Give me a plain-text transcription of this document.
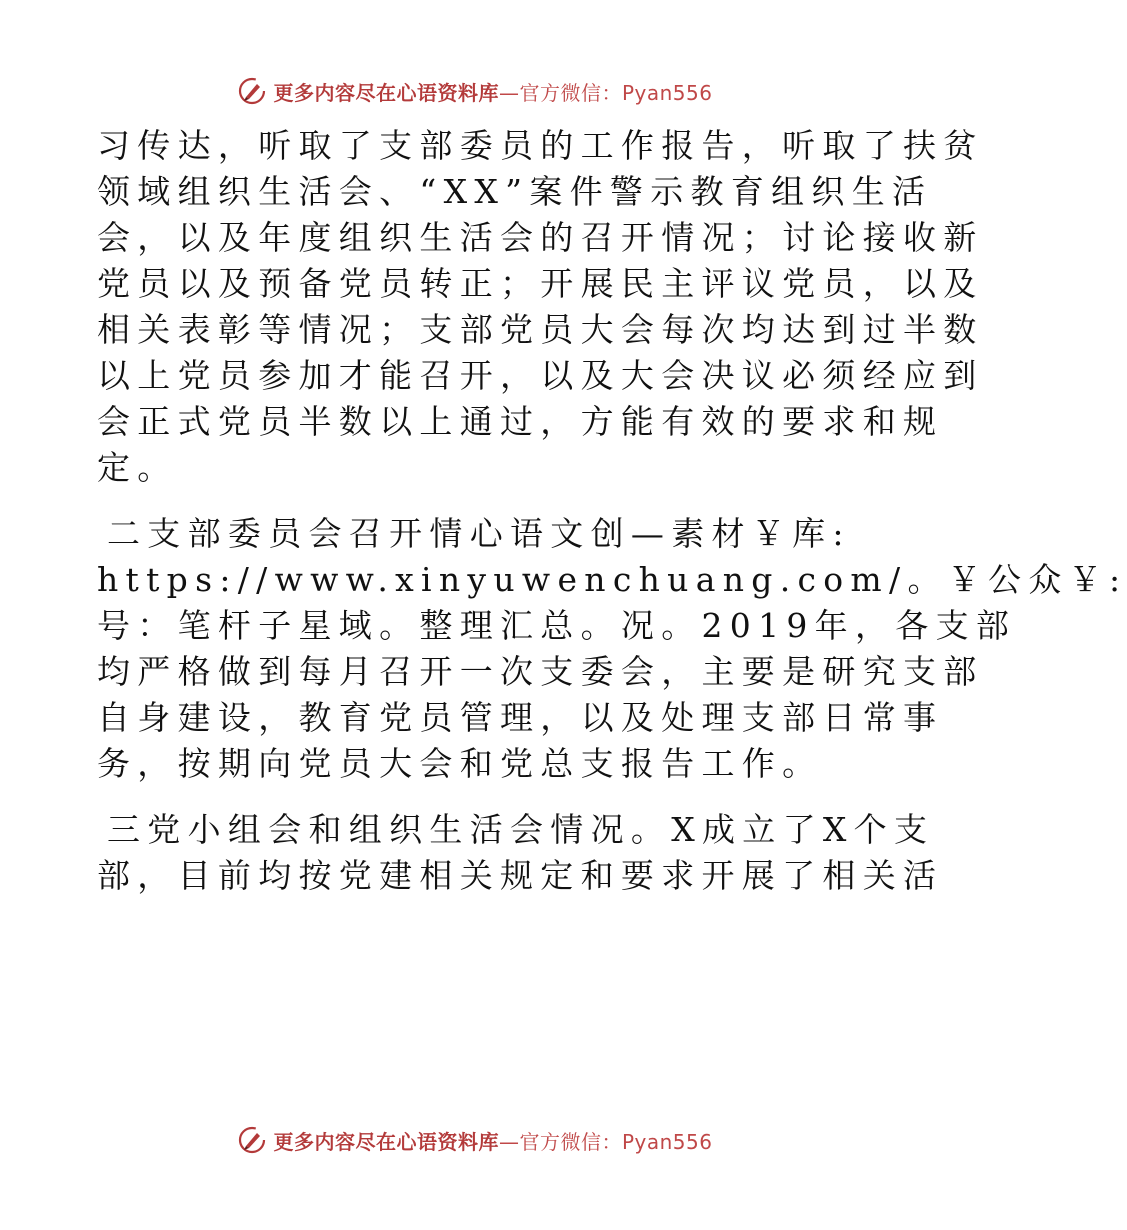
更多内容尽在心语资料库—官方微信：Pyan556
习传达，听取了支部委员的工作报告，听取了扶贫
领域组织生活会、“XX”案件警示教育组织生活
会，以及年度组织生活会的召开情况；讨论接收新
党员以及预备党员转正；开展民主评议党员，以及
相关表彰等情况；支部党员大会每次均达到过半数
以上党员参加才能召开，以及大会决议必须经应到
会正式党员半数以上通过，方能有效的要求和规
定。
二支部委员会召开情心语文创—素材￥库:
https://www.xinyuwenchuang.com/。￥公众￥:
号：笔杆子星域。整理汇总。况。2019年，各支部
均严格做到每月召开一次支委会，主要是研究支部
自身建设，教育党员管理，以及处理支部日常事
务，按期向党员大会和党总支报告工作。
三党小组会和组织生活会情况。X成立了X个支
部，目前均按党建相关规定和要求开展了相关活
更多内容尽在心语资料库—官方微信：Pyan556
